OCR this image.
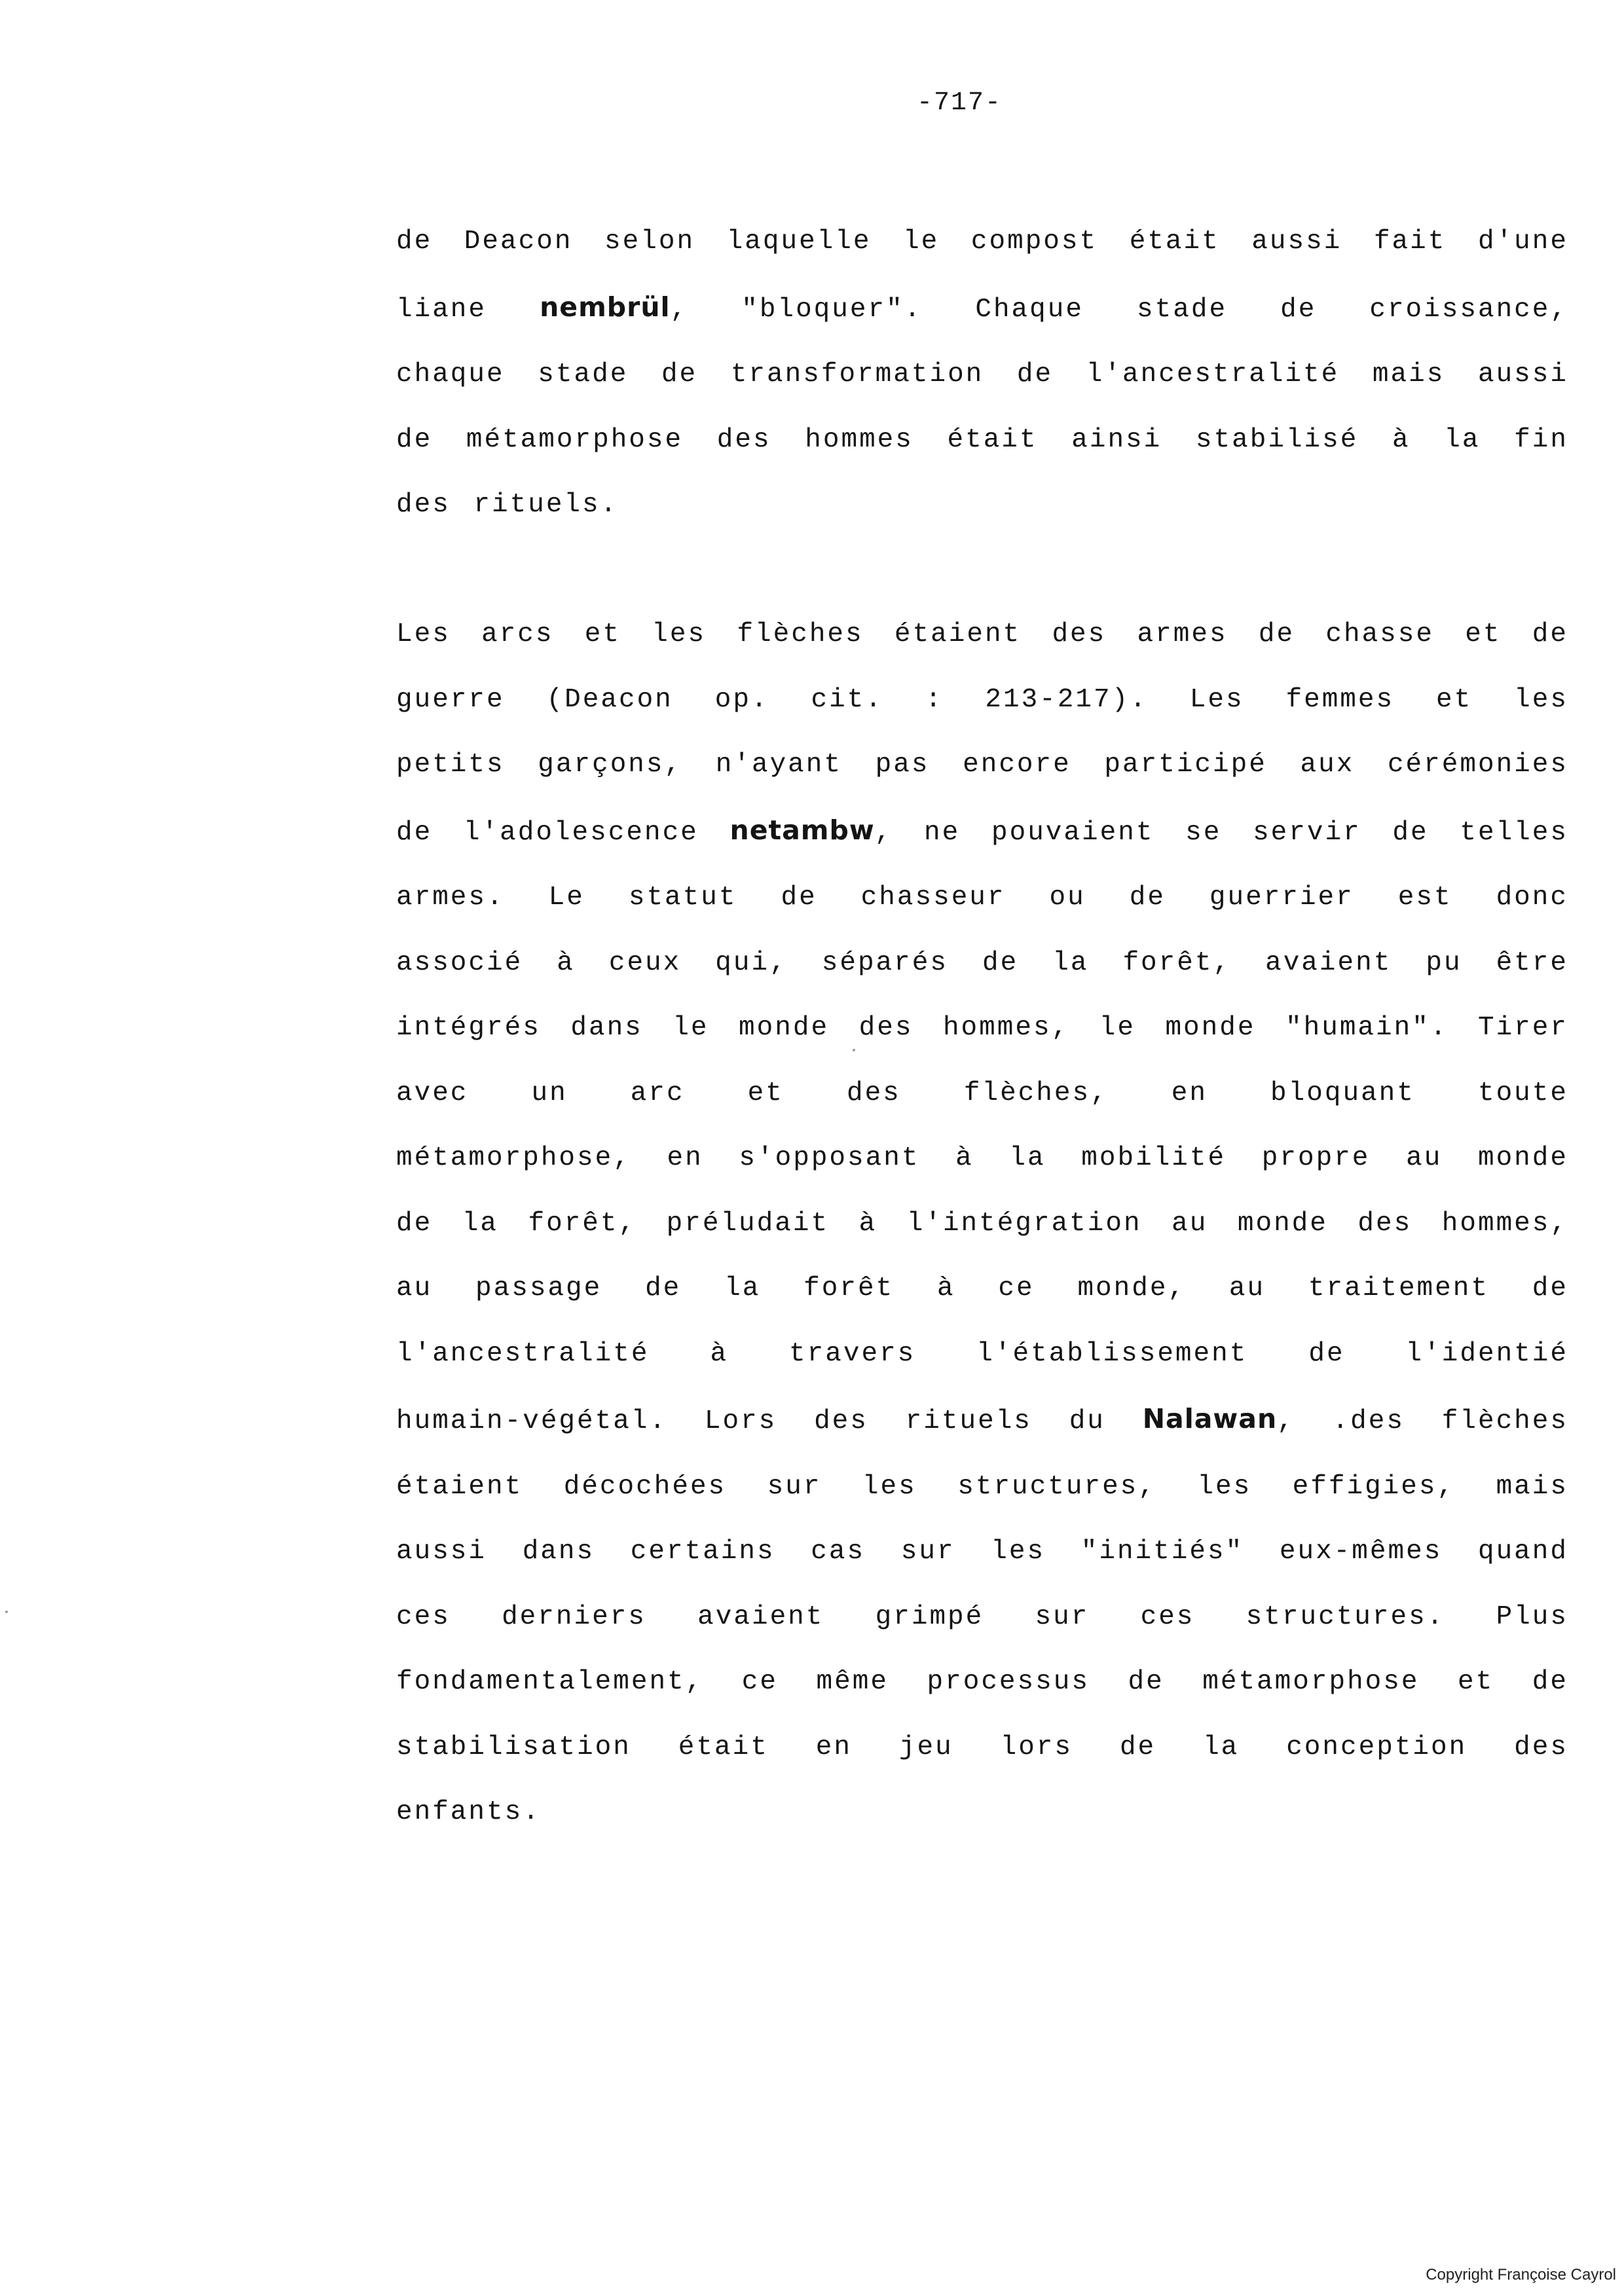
-717-
de Deacon selon laquelle le compost était aussi fait d'une
liane nembrül, "bloquer". Chaque stade de croissance,
chaque stade de transformation de l'ancestralité mais aussi
de métamorphose des hommes était ainsi stabilisé à la fin
des rituels.
Les arcs et les flèches étaient des armes de chasse et de
guerre (Deacon op. cit. : 213-217). Les femmes et les
petits garçons, n'ayant pas encore participé aux cérémonies
de l'adolescence netambw, ne pouvaient se servir de telles
armes. Le statut de chasseur ou de guerrier est donc
associé à ceux qui, séparés de la forêt, avaient pu être
intégrés dans le monde des hommes, le monde "humain". Tirer
avec un arc et des flèches, en bloquant toute
métamorphose, en s'opposant à la mobilité propre au monde
de la forêt, préludait à l'intégration au monde des hommes,
au passage de la forêt à ce monde, au traitement de
l'ancestralité à travers l'établissement de l'identié
humain-végétal. Lors des rituels du Nalawan, .des flèches
étaient décochées sur les structures, les effigies, mais
aussi dans certains cas sur les "initiés" eux-mêmes quand
ces derniers avaient grimpé sur ces structures. Plus
fondamentalement, ce même processus de métamorphose et de
stabilisation était en jeu lors de la conception des
enfants.
Copyright Françoise Cayrol
